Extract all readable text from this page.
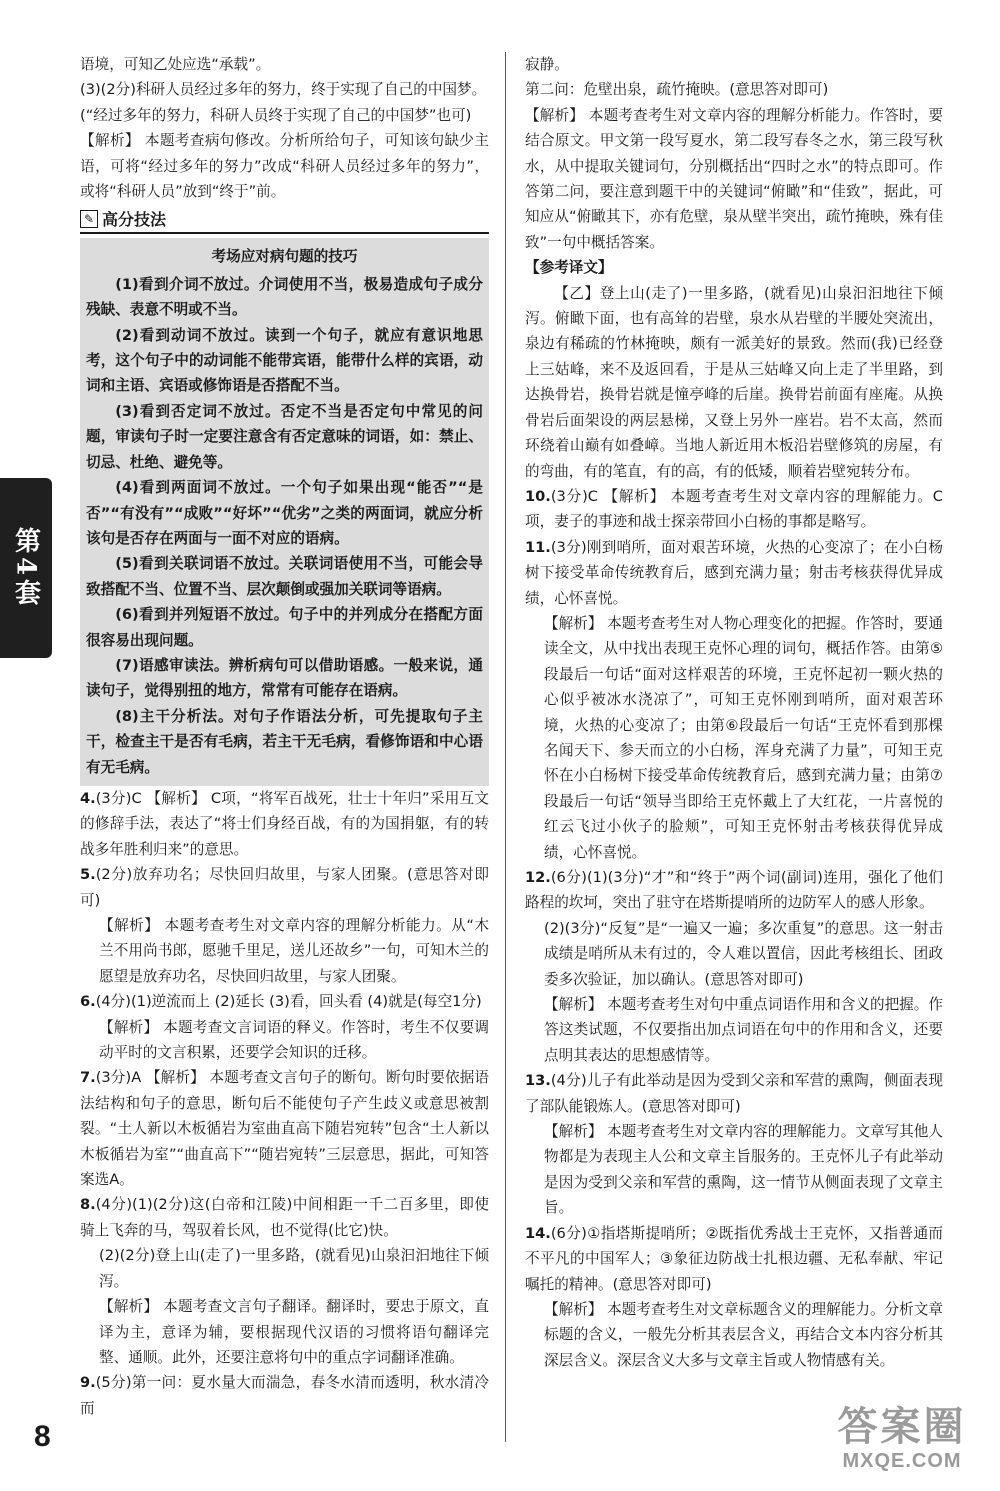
第4套

语境，可知乙处应选“承载”。

(3)(2分)科研人员经过多年的努力，终于实现了自己的中国梦。

(“经过多年的努力，科研人员终于实现了自己的中国梦”也可)

【解析】 本题考查病句修改。分析所给句子，可知该句缺少主语，可将“经过多年的努力”改成“科研人员经过多年的努力”，或将“科研人员”放到“终于”前。

✎ 高分技法
考场应对病句题的技巧

(1)看到介词不放过。介词使用不当，极易造成句子成分残缺、表意不明或不当。

(2)看到动词不放过。读到一个句子，就应有意识地思考，这个句子中的动词能不能带宾语，能带什么样的宾语，动词和主语、宾语或修饰语是否搭配不当。

(3)看到否定词不放过。否定不当是否定句中常见的问题，审读句子时一定要注意含有否定意味的词语，如：禁止、切忌、杜绝、避免等。

(4)看到两面词不放过。一个句子如果出现“能否”“是否”“有没有”“成败”“好坏”“优劣”之类的两面词，就应分析该句是否存在两面与一面不对应的语病。

(5)看到关联词语不放过。关联词语使用不当，可能会导致搭配不当、位置不当、层次颠倒或强加关联词等语病。

(6)看到并列短语不放过。句子中的并列成分在搭配方面很容易出现问题。

(7)语感审读法。辨析病句可以借助语感。一般来说，通读句子，觉得别扭的地方，常常有可能存在语病。

(8)主干分析法。对句子作语法分析，可先提取句子主干，检查主干是否有毛病，若主干无毛病，看修饰语和中心语有无毛病。

4.(3分)C 【解析】 C项，“将军百战死，壮士十年归”采用互文的修辞手法，表达了“将士们身经百战，有的为国捐躯，有的转战多年胜利归来”的意思。

5.(2分)放弃功名；尽快回归故里，与家人团聚。(意思答对即可)

【解析】 本题考查考生对文章内容的理解分析能力。从“木兰不用尚书郎，愿驰千里足，送儿还故乡”一句，可知木兰的愿望是放弃功名，尽快回归故里，与家人团聚。

6.(4分)(1)逆流而上 (2)延长 (3)看，回头看 (4)就是(每空1分)

【解析】 本题考查文言词语的释义。作答时，考生不仅要调动平时的文言积累，还要学会知识的迁移。

7.(3分)A 【解析】 本题考查文言句子的断句。断句时要依据语法结构和句子的意思，断句后不能使句子产生歧义或意思被割裂。“土人新以木板循岩为室曲直高下随岩宛转”包含“土人新以木板循岩为室”“曲直高下”“随岩宛转”三层意思，据此，可知答案选A。

8.(4分)(1)(2分)这(白帝和江陵)中间相距一千二百多里，即使骑上飞奔的马，驾驭着长风，也不觉得(比它)快。

(2)(2分)登上山(走了)一里多路，(就看见)山泉汩汩地往下倾泻。

【解析】 本题考查文言句子翻译。翻译时，要忠于原文，直译为主，意译为辅，要根据现代汉语的习惯将语句翻译完整、通顺。此外，还要注意将句中的重点字词翻译准确。

9.(5分)第一问：夏水量大而湍急，春冬水清而透明，秋水清冷而

寂静。

第二问：危壁出泉，疏竹掩映。(意思答对即可)

【解析】 本题考查考生对文章内容的理解分析能力。作答时，要结合原文。甲文第一段写夏水，第二段写春冬之水，第三段写秋水，从中提取关键词句，分别概括出“四时之水”的特点即可。作答第二问，要注意到题干中的关键词“俯瞰”和“佳致”，据此，可知应从“俯瞰其下，亦有危壁，泉从壁半突出，疏竹掩映，殊有佳致”一句中概括答案。

【参考译文】

【乙】登上山(走了)一里多路，(就看见)山泉汩汩地往下倾泻。俯瞰下面，也有高耸的岩壁，泉水从岩壁的半腰处突流出，泉边有稀疏的竹林掩映，颇有一派美好的景致。然而(我)已经登上三姑峰，来不及返回看，于是从三姑峰又向上走了半里路，到达换骨岩，换骨岩就是憧亭峰的后崖。换骨岩前面有座庵。从换骨岩后面架设的两层悬梯，又登上另外一座岩。岩不太高，然而环绕着山巅有如叠嶂。当地人新近用木板沿岩壁修筑的房屋，有的弯曲，有的笔直，有的高，有的低矮，顺着岩壁宛转分布。

10.(3分)C 【解析】 本题考查考生对文章内容的理解能力。C项，妻子的事迹和战士探亲带回小白杨的事都是略写。

11.(3分)刚到哨所，面对艰苦环境，火热的心变凉了；在小白杨树下接受革命传统教育后，感到充满力量；射击考核获得优异成绩，心怀喜悦。

【解析】 本题考查考生对人物心理变化的把握。作答时，要通读全文，从中找出表现王克怀心理的词句，概括作答。由第⑤段最后一句话“面对这样艰苦的环境，王克怀起初一颗火热的心似乎被冰水浇凉了”，可知王克怀刚到哨所，面对艰苦环境，火热的心变凉了；由第⑥段最后一句话“王克怀看到那棵名闻天下、参天而立的小白杨，浑身充满了力量”，可知王克怀在小白杨树下接受革命传统教育后，感到充满力量；由第⑦段最后一句话“领导当即给王克怀戴上了大红花，一片喜悦的红云飞过小伙子的脸颊”，可知王克怀射击考核获得优异成绩，心怀喜悦。

12.(6分)(1)(3分)“才”和“终于”两个词(副词)连用，强化了他们路程的坎坷，突出了驻守在塔斯提哨所的边防军人的感人形象。

(2)(3分)“反复”是“一遍又一遍；多次重复”的意思。这一射击成绩是哨所从未有过的，令人难以置信，因此考核组长、团政委多次验证，加以确认。(意思答对即可)

【解析】 本题考查考生对句中重点词语作用和含义的把握。作答这类试题，不仅要指出加点词语在句中的作用和含义，还要点明其表达的思想感情等。

13.(4分)儿子有此举动是因为受到父亲和军营的熏陶，侧面表现了部队能锻炼人。(意思答对即可)

【解析】 本题考查考生对文章内容的理解能力。文章写其他人物都是为表现主人公和文章主旨服务的。王克怀儿子有此举动是因为受到父亲和军营的熏陶，这一情节从侧面表现了文章主旨。

14.(6分)①指塔斯提哨所；②既指优秀战士王克怀，又指普通而不平凡的中国军人；③象征边防战士扎根边疆、无私奉献、牢记嘱托的精神。(意思答对即可)

【解析】 本题考查考生对文章标题含义的理解能力。分析文章标题的含义，一般先分析其表层含义，再结合文本内容分析其深层含义。深层含义大多与文章主旨或人物情感有关。

8	答案圈
MXQE.COM
